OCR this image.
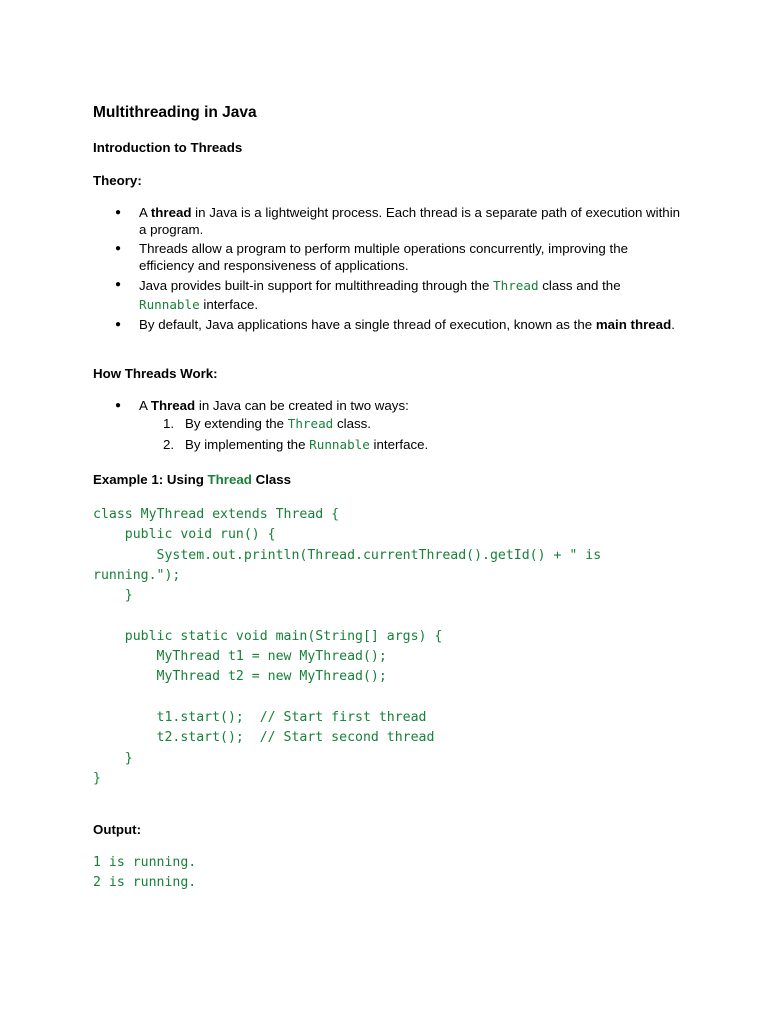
Multithreading in Java
Introduction to Threads
Theory:
● A thread in Java is a lightweight process. Each thread is a separate path of execution within a program.
● Threads allow a program to perform multiple operations concurrently, improving the efficiency and responsiveness of applications.
● Java provides built-in support for multithreading through the Thread class and the Runnable interface.
● By default, Java applications have a single thread of execution, known as the main thread.
How Threads Work:
● A Thread in Java can be created in two ways:
1. By extending the Thread class.
2. By implementing the Runnable interface.
Example 1: Using Thread Class
class MyThread extends Thread {
public void run() {
System.out.println(Thread.currentThread().getId() + " is
running.");
}

public static void main(String[] args) {
MyThread t1 = new MyThread();
MyThread t2 = new MyThread();

t1.start();  // Start first thread
t2.start();  // Start second thread
}
}
Output:
1 is running.
2 is running.
